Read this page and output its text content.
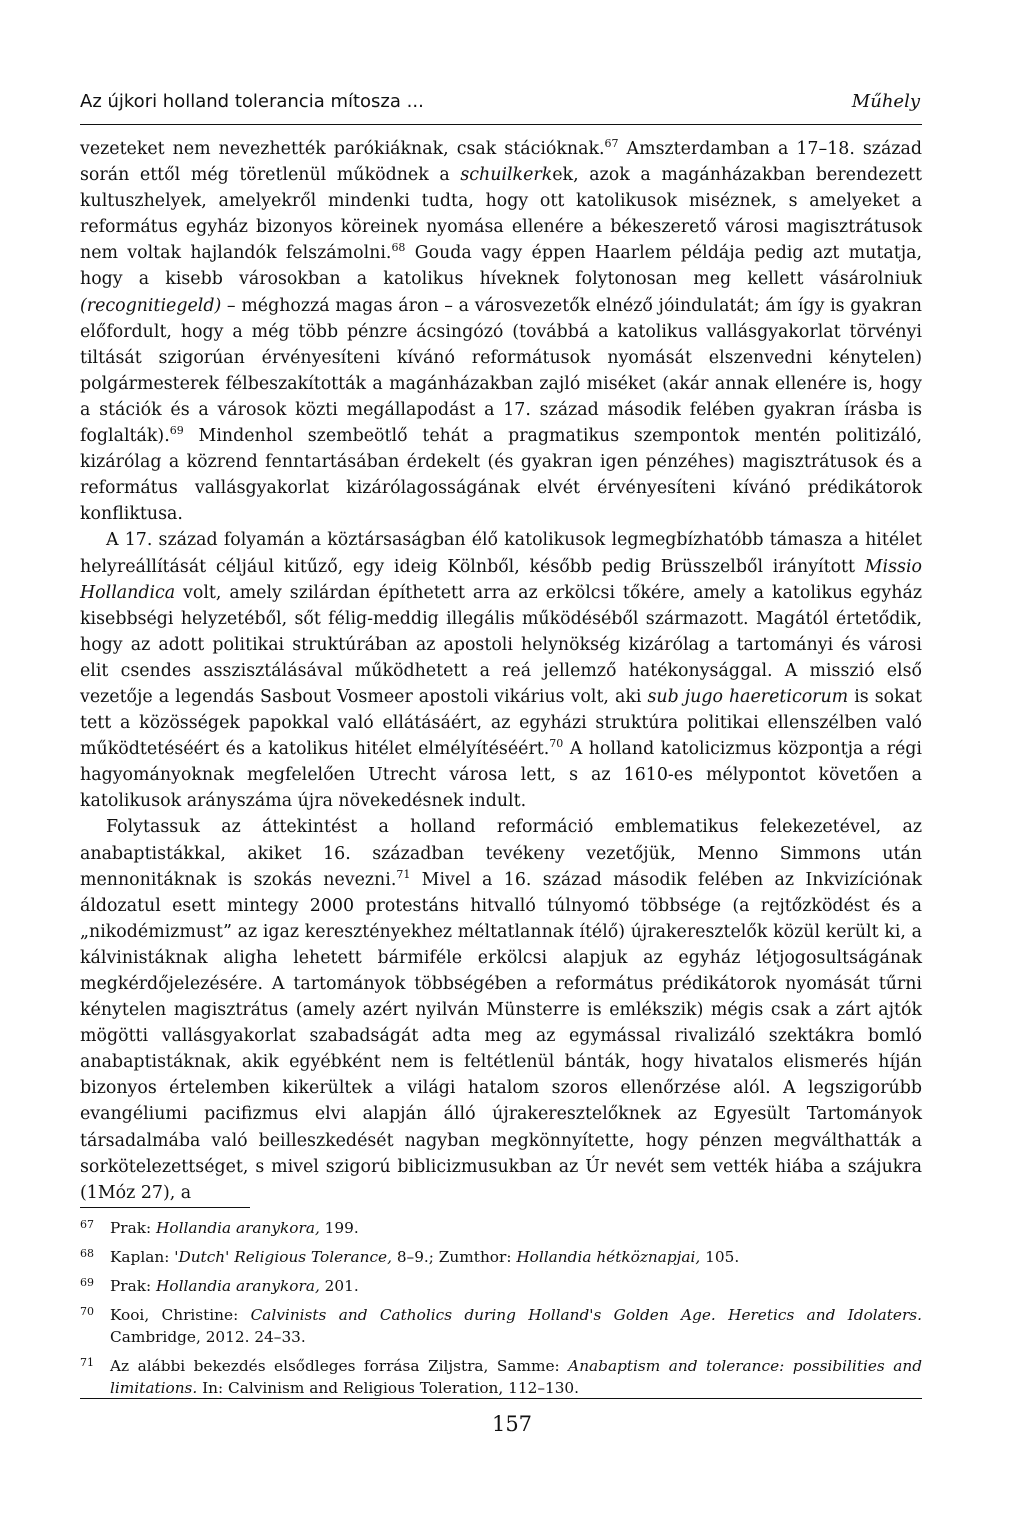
Az újkori holland tolerancia mítosza ...	Műhely

vezeteket nem nevezhették parókiáknak, csak stációknak.$^{67}$ Amszterdamban a 17–18. század során ettől még töretlenül működnek a schuilkerkek, azok a magánházakban berendezett kultuszhelyek, amelyekről mindenki tudta, hogy ott katolikusok miséznek, s amelyeket a református egyház bizonyos köreinek nyomása ellenére a békeszerető városi magisztrátusok nem voltak hajlandók felszámolni.$^{68}$ Gouda vagy éppen Haarlem példája pedig azt mutatja, hogy a kisebb városokban a katolikus híveknek folytonosan meg kellett vásárolniuk (recognitiegeld) – méghozzá magas áron – a városvezetők elnéző jóindulatát; ám így is gyakran előfordult, hogy a még több pénzre ácsingózó (továbbá a katolikus vallásgyakorlat törvényi tiltását szigorúan érvényesíteni kívánó reformátusok nyomását elszenvedni kénytelen) polgármesterek félbeszakították a magánházakban zajló miséket (akár annak ellenére is, hogy a stációk és a városok közti megállapodást a 17. század második felében gyakran írásba is foglalták).$^{69}$ Mindenhol szembeötlő tehát a pragmatikus szempontok mentén politizáló, kizárólag a közrend fenntartásában érdekelt (és gyakran igen pénzéhes) magisztrátusok és a református vallásgyakorlat kizárólagosságának elvét érvényesíteni kívánó prédikátorok konfliktusa.

A 17. század folyamán a köztársaságban élő katolikusok legmegbízhatóbb támasza a hitélet helyreállítását céljául kitűző, egy ideig Kölnből, később pedig Brüsszelből irányított Missio Hollandica volt, amely szilárdan építhetett arra az erkölcsi tőkére, amely a katolikus egyház kisebbségi helyzetéből, sőt félig-meddig illegális működéséből származott. Magától értetődik, hogy az adott politikai struktúrában az apostoli helynökség kizárólag a tartományi és városi elit csendes asszisztálásával működhetett a reá jellemző hatékonysággal. A misszió első vezetője a legendás Sasbout Vosmeer apostoli vikárius volt, aki sub jugo haereticorum is sokat tett a közösségek papokkal való ellátásáért, az egyházi struktúra politikai ellenszélben való működtetéséért és a katolikus hitélet elmélyítéséért.$^{70}$ A holland katolicizmus központja a régi hagyományoknak megfelelően Utrecht városa lett, s az 1610-es mélypontot követően a katolikusok arányszáma újra növekedésnek indult.

Folytassuk az áttekintést a holland reformáció emblematikus felekezetével, az anabaptistákkal, akiket 16. században tevékeny vezetőjük, Menno Simmons után mennonitáknak is szokás nevezni.$^{71}$ Mivel a 16. század második felében az Inkvizíciónak áldozatul esett mintegy 2000 protestáns hitvalló túlnyomó többsége (a rejtőzködést és a „nikodémizmust” az igaz keresztényekhez méltatlannak ítélő) újrakeresztelők közül került ki, a kálvinistáknak aligha lehetett bármiféle erkölcsi alapjuk az egyház létjogosultságának megkérdőjelezésére. A tartományok többségében a református prédikátorok nyomását tűrni kénytelen magisztrátus (amely azért nyilván Münsterre is emlékszik) mégis csak a zárt ajtók mögötti vallásgyakorlat szabadságát adta meg az egymással rivalizáló szektákra bomló anabaptistáknak, akik egyébként nem is feltétlenül bánták, hogy hivatalos elismerés híján bizonyos értelemben kikerültek a világi hatalom szoros ellenőrzése alól. A legszigorúbb evangéliumi pacifizmus elvi alapján álló újrakeresztelőknek az Egyesült Tartományok társadalmába való beilleszkedését nagyban megkönnyítette, hogy pénzen megválthatták a sorkötelezettséget, s mivel szigorú biblicizmusukban az Úr nevét sem vették hiába a szájukra (1Móz 27), a

67 Prak: Hollandia aranykora, 199.

68 Kaplan: 'Dutch' Religious Tolerance, 8–9.; Zumthor: Hollandia hétköznapjai, 105.

69 Prak: Hollandia aranykora, 201.

70 Kooi, Christine: Calvinists and Catholics during Holland's Golden Age. Heretics and Idolaters. Cambridge, 2012. 24–33.

71 Az alábbi bekezdés elsődleges forrása Ziljstra, Samme: Anabaptism and tolerance: possibilities and limitations. In: Calvinism and Religious Toleration, 112–130.

157
